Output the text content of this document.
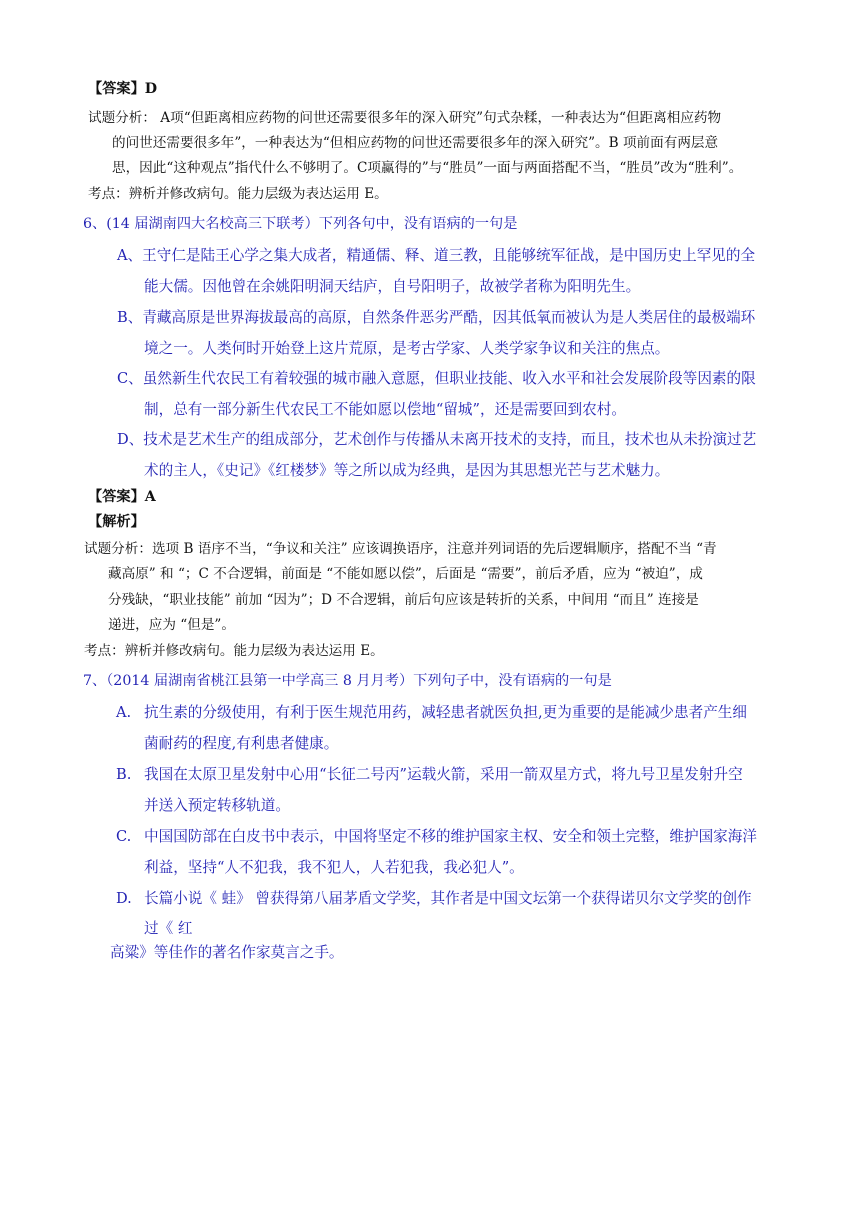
【答案】D
试题分析： A项“但距离相应药物的问世还需要很多年的深入研究”句式杂糅，一种表达为“但距离相应药物
的问世还需要很多年”，一种表达为“但相应药物的问世还需要很多年的深入研究”。B 项前面有两层意
思，因此“这种观点”指代什么不够明了。C项赢得的”与“胜员”一面与两面搭配不当，“胜员”改为“胜利”。
考点：辨析并修改病句。能力层级为表达运用 E。
6、(14 届湖南四大名校高三下联考）下列各句中，没有语病的一句是
A、王守仁是陆王心学之集大成者，精通儒、释、道三教，且能够统军征战，是中国历史上罕见的全
能大儒。因他曾在余姚阳明洞天结庐，自号阳明子，故被学者称为阳明先生。
B、青藏高原是世界海拔最高的高原，自然条件恶劣严酷，因其低氧而被认为是人类居住的最极端环
境之一。人类何时开始登上这片荒原，是考古学家、人类学家争议和关注的焦点。
C、虽然新生代农民工有着较强的城市融入意愿，但职业技能、收入水平和社会发展阶段等因素的限
制，总有一部分新生代农民工不能如愿以偿地“留城”，还是需要回到农村。
D、技术是艺术生产的组成部分，艺术创作与传播从未离开技术的支持，而且，技术也从未扮演过艺
术的主人，《史记》《红楼梦》等之所以成为经典，是因为其思想光芒与艺术魅力。
【答案】A
【解析】
试题分析：选项 B 语序不当，“争议和关注” 应该调换语序，注意并列词语的先后逻辑顺序，搭配不当 “青
藏高原” 和 “；C 不合逻辑，前面是 “不能如愿以偿”，后面是 “需要”，前后矛盾，应为 “被迫”，成
分残缺，“职业技能” 前加 “因为”；D 不合逻辑，前后句应该是转折的关系，中间用 “而且” 连接是
递进，应为 “但是”。
考点：辨析并修改病句。能力层级为表达运用 E。
7、（2014 届湖南省桃江县第一中学高三 8 月月考）下列句子中，没有语病的一句是
A. 抗生素的分级使用，有利于医生规范用药，减轻患者就医负担,更为重要的是能减少患者产生细
菌耐药的程度,有利患者健康。
B. 我国在太原卫星发射中心用“长征二号丙”运载火箭，采用一箭双星方式，将九号卫星发射升空
并送入预定转移轨道。
C. 中国国防部在白皮书中表示，中国将坚定不移的维护国家主权、安全和领土完整，维护国家海洋
利益，坚持“人不犯我，我不犯人，人若犯我，我必犯人”。
D. 长篇小说《 蛙》 曾获得第八届茅盾文学奖，其作者是中国文坛第一个获得诺贝尔文学奖的创作
过《 红
高粱》等佳作的著名作家莫言之手。
